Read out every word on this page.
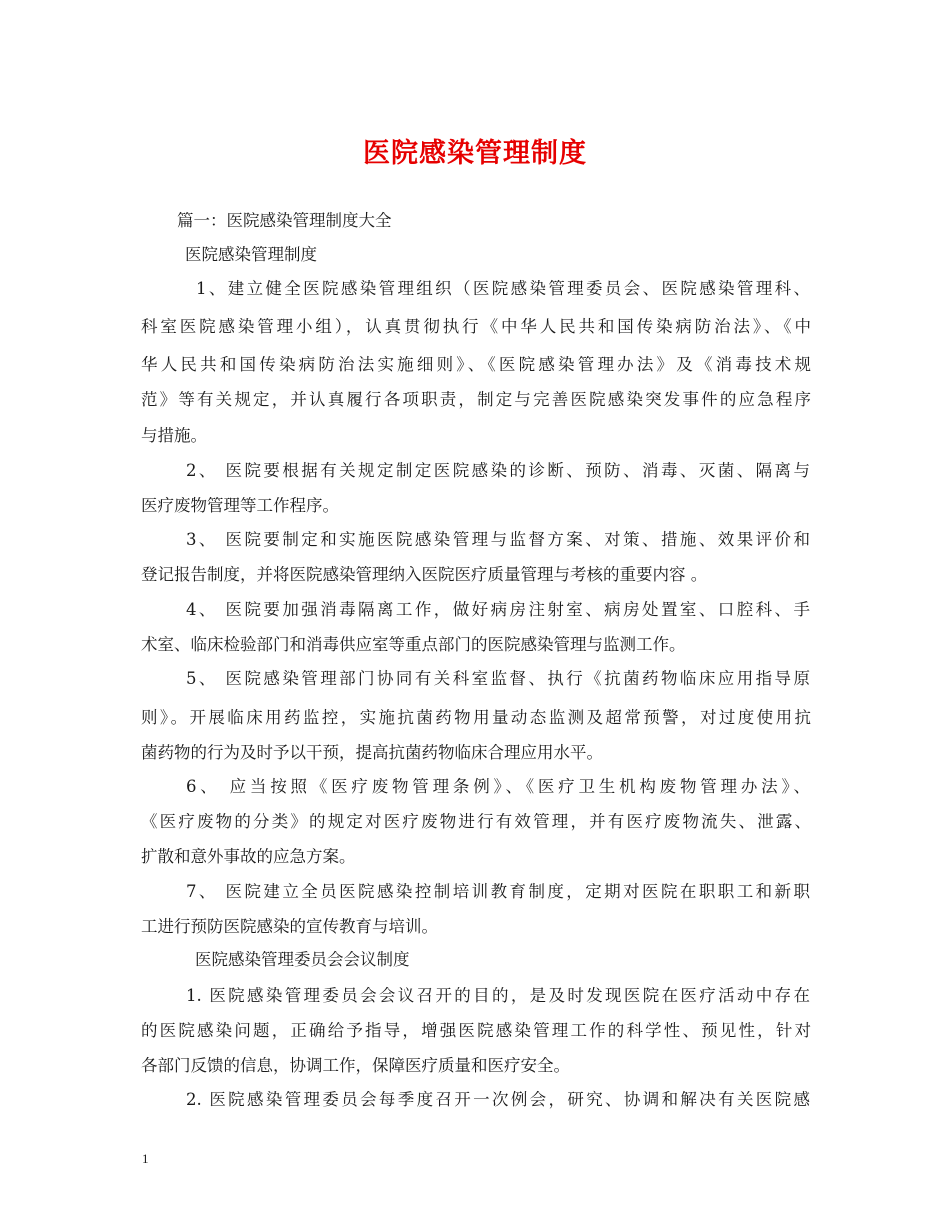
医院感染管理制度
篇一：医院感染管理制度大全
医院感染管理制度
1、建立健全医院感染管理组织（医院感染管理委员会、医院感染管理科、
科室医院感染管理小组），认真贯彻执行《中华人民共和国传染病防治法》、《中
华人民共和国传染病防治法实施细则》、《医院感染管理办法》及《消毒技术规
范》等有关规定，并认真履行各项职责，制定与完善医院感染突发事件的应急程序
与措施。
2、 医院要根据有关规定制定医院感染的诊断、预防、消毒、灭菌、隔离与
医疗废物管理等工作程序。
3、 医院要制定和实施医院感染管理与监督方案、对策、措施、效果评价和
登记报告制度，并将医院感染管理纳入医院医疗质量管理与考核的重要内容 。
4、 医院要加强消毒隔离工作，做好病房注射室、病房处置室、口腔科、手
术室、临床检验部门和消毒供应室等重点部门的医院感染管理与监测工作。
5、 医院感染管理部门协同有关科室监督、执行《抗菌药物临床应用指导原
则》。开展临床用药监控，实施抗菌药物用量动态监测及超常预警，对过度使用抗
菌药物的行为及时予以干预，提高抗菌药物临床合理应用水平。
6、 应当按照《医疗废物管理条例》、《医疗卫生机构废物管理办法》、
《医疗废物的分类》的规定对医疗废物进行有效管理，并有医疗废物流失、泄露、
扩散和意外事故的应急方案。
7、 医院建立全员医院感染控制培训教育制度，定期对医院在职职工和新职
工进行预防医院感染的宣传教育与培训。
医院感染管理委员会会议制度
1. 医院感染管理委员会会议召开的目的，是及时发现医院在医疗活动中存在
的医院感染问题，正确给予指导，增强医院感染管理工作的科学性、预见性，针对
各部门反馈的信息，协调工作，保障医疗质量和医疗安全。
2. 医院感染管理委员会每季度召开一次例会，研究、协调和解决有关医院感
1
